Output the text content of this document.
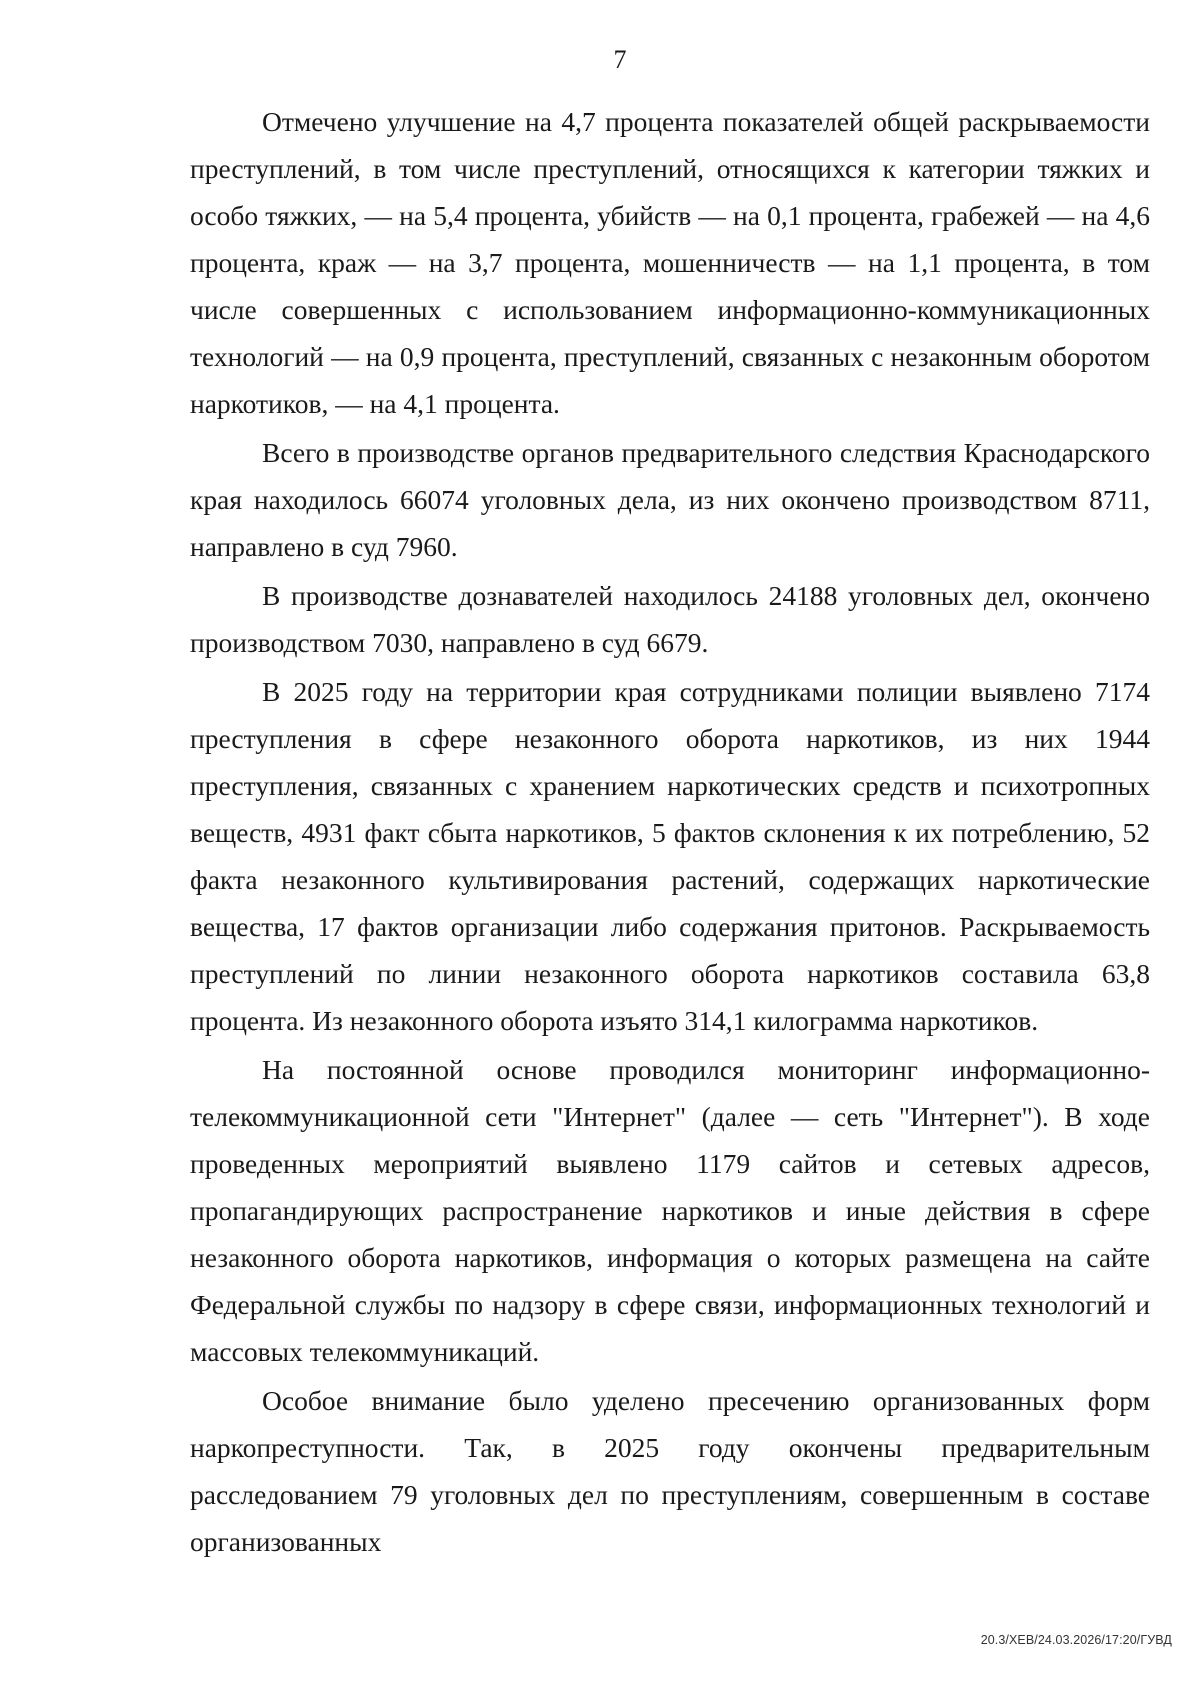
7

Отмечено улучшение на 4,7 процента показателей общей раскрываемости преступлений, в том числе преступлений, относящихся к категории тяжких и особо тяжких, — на 5,4 процента, убийств — на 0,1 процента, грабежей — на 4,6 процента, краж — на 3,7 процента, мошенничеств — на 1,1 процента, в том числе совершенных с использованием информационно-коммуникационных технологий — на 0,9 процента, преступлений, связанных с незаконным оборотом наркотиков, — на 4,1 процента.

Всего в производстве органов предварительного следствия Краснодарского края находилось 66074 уголовных дела, из них окончено производством 8711, направлено в суд 7960.

В производстве дознавателей находилось 24188 уголовных дел, окончено производством 7030, направлено в суд 6679.

В 2025 году на территории края сотрудниками полиции выявлено 7174 преступления в сфере незаконного оборота наркотиков, из них 1944 преступления, связанных с хранением наркотических средств и психотропных веществ, 4931 факт сбыта наркотиков, 5 фактов склонения к их потреблению, 52 факта незаконного культивирования растений, содержащих наркотические вещества, 17 фактов организации либо содержания притонов. Раскрываемость преступлений по линии незаконного оборота наркотиков составила 63,8 процента. Из незаконного оборота изъято 314,1 килограмма наркотиков.

На постоянной основе проводился мониторинг информационно-телекоммуникационной сети "Интернет" (далее — сеть "Интернет"). В ходе проведенных мероприятий выявлено 1179 сайтов и сетевых адресов, пропагандирующих распространение наркотиков и иные действия в сфере незаконного оборота наркотиков, информация о которых размещена на сайте Федеральной службы по надзору в сфере связи, информационных технологий и массовых телекоммуникаций.

Особое внимание было уделено пресечению организованных форм наркопреступности. Так, в 2025 году окончены предварительным расследованием 79 уголовных дел по преступлениям, совершенным в составе организованных

20.3/ХЕВ/24.03.2026/17:20/ГУВД
